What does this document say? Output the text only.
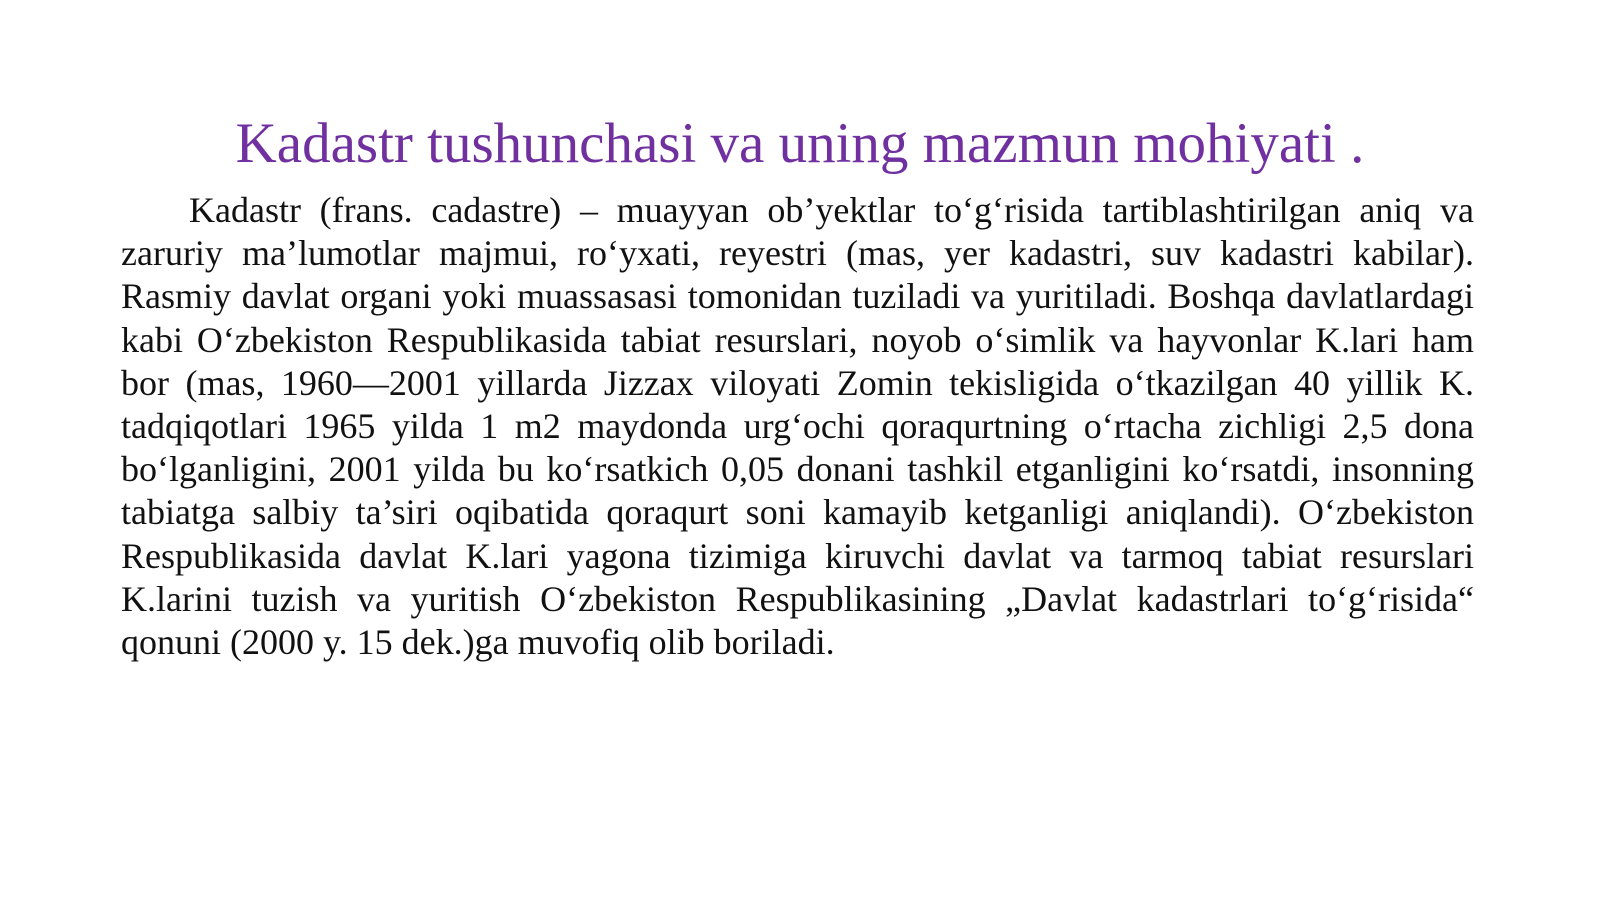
Kadastr tushunchasi va uning mazmun mohiyati .

Kadastr (frans. cadastre) – muayyan ob’yektlar to‘g‘risida tartiblashtirilgan aniq va zaruriy ma’lumotlar majmui, ro‘yxati, reyestri (mas, yer kadastri, suv kadastri kabilar). Rasmiy davlat organi yoki muassasasi tomonidan tuziladi va yuritiladi. Boshqa davlatlardagi kabi O‘zbekiston Respublikasida tabiat resurslari, noyob o‘simlik va hayvonlar K.lari ham bor (mas, 1960—2001 yillarda Jizzax viloyati Zomin tekisligida o‘tkazilgan 40 yillik K. tadqiqotlari 1965 yilda 1 m2 maydonda urg‘ochi qoraqurtning o‘rtacha zichligi 2,5 dona bo‘lganligini, 2001 yilda bu ko‘rsatkich 0,05 donani tashkil etganligini ko‘rsatdi, insonning tabiatga salbiy ta’siri oqibatida qoraqurt soni kamayib ketganligi aniqlandi). O‘zbekiston Respublikasida davlat K.lari yagona tizimiga kiruvchi davlat va tarmoq tabiat resurslari K.larini tuzish va yuritish O‘zbekiston Respublikasining „Davlat kadastrlari to‘g‘risida“ qonuni (2000 y. 15 dek.)ga muvofiq olib boriladi.
